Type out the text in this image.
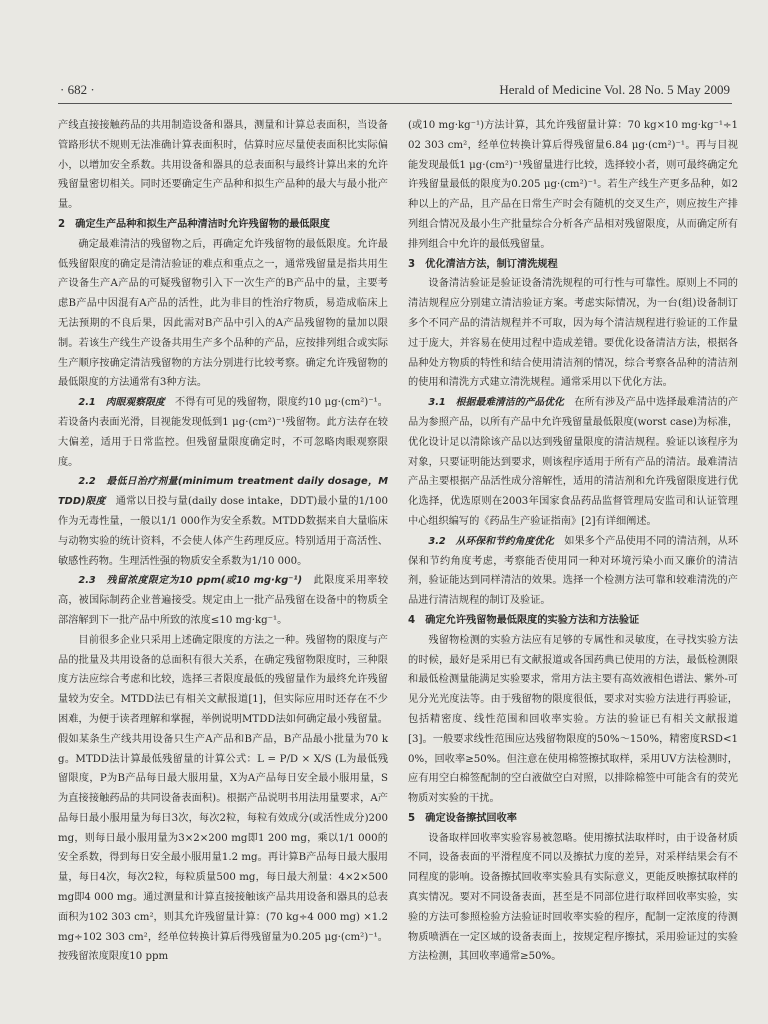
· 682 ·	Herald of Medicine Vol. 28 No. 5 May 2009

产线直接接触药品的共用制造设备和器具，测量和计算总表面积，当设备管路形状不规则无法准确计算表面积时，估算时应尽量使表面积比实际偏小，以增加安全系数。共用设备和器具的总表面积与最终计算出来的允许残留量密切相关。同时还要确定生产品种和拟生产品种的最大与最小批产量。

2　确定生产品种和拟生产品种清洁时允许残留物的最低限度

确定最难清洁的残留物之后，再确定允许残留物的最低限度。允许最低残留限度的确定是清洁验证的难点和重点之一，通常残留量是指共用生产设备生产A产品的可疑残留物引入下一次生产的B产品中的量，主要考虑B产品中因混有A产品的活性，此为非目的性治疗物质，易造成临床上无法预期的不良后果，因此需对B产品中引入的A产品残留物的量加以限制。若该生产线生产设备共用生产多个品种的产品，应按排列组合或实际生产顺序按确定清洁残留物的方法分别进行比较考察。确定允许残留物的最低限度的方法通常有3种方法。

2.1　肉眼观察限度　 不得有可见的残留物，限度约10 μg·(cm²)⁻¹。若设备内表面光滑，目视能发现低到1 μg·(cm²)⁻¹残留物。此方法存在较大偏差，适用于日常监控。但残留量限度确定时，不可忽略肉眼观察限度。

2.2　最低日治疗剂量(minimum treatment daily dosage，MTDD)限度　 通常以日投与量(daily dose intake，DDT)最小量的1/100作为无毒性量，一般以1/1 000作为安全系数。MTDD数据来自大量临床与动物实验的统计资料，不会使人体产生药理反应。特别适用于高活性、敏感性药物。生理活性强的物质安全系数为1/10 000。

2.3　残留浓度限定为10 ppm(或10 mg·kg⁻¹)　 此限度采用率较高，被国际制药企业普遍接受。规定由上一批产品残留在设备中的物质全部溶解到下一批产品中所致的浓度≤10 mg·kg⁻¹。

目前很多企业只采用上述确定限度的方法之一种。残留物的限度与产品的批量及共用设备的总面积有很大关系，在确定残留物限度时，三种限度方法应综合考虑和比较，选择三者限度最低的残留量作为最终允许残留量较为安全。MTDD法已有相关文献报道[1]，但实际应用时还存在不少困难，为便于读者理解和掌握，举例说明MTDD法如何确定最小残留量。假如某条生产线共用设备只生产A产品和B产品，B产品最小批量为70 kg。MTDD法计算最低残留量的计算公式：L = P/D × X/S (L为最低残留限度，P为B产品每日最大服用量，X为A产品每日安全最小服用量，S为直接接触药品的共同设备表面积)。根据产品说明书用法用量要求，A产品每日最小服用量为每日3次，每次2粒，每粒有效成分(或活性成分)200 mg，则每日最小服用量为3×2×200 mg即1 200 mg，乘以1/1 000的安全系数，得到每日安全最小服用量1.2 mg。再计算B产品每日最大服用量，每日4次，每次2粒，每粒质量500 mg，每日最大剂量：4×2×500 mg即4 000 mg。通过测量和计算直接接触该产品共用设备和器具的总表面积为102 303 cm²，则其允许残留量计算：(70 kg÷4 000 mg) ×1.2 mg÷102 303 cm²，经单位转换计算后得残留量为0.205 μg·(cm²)⁻¹。按残留浓度限度10 ppm

(或10 mg·kg⁻¹)方法计算，其允许残留量计算：70 kg×10 mg·kg⁻¹÷102 303 cm²，经单位转换计算后得残留量6.84 μg·(cm²)⁻¹。再与目视能发现最低1 μg·(cm²)⁻¹残留量进行比较，选择较小者，则可最终确定允许残留量最低的限度为0.205 μg·(cm²)⁻¹。若生产线生产更多品种，如2种以上的产品，且产品在日常生产时会有随机的交叉生产，则应按生产排列组合情况及最小生产批量综合分析各产品相对残留限度，从而确定所有排列组合中允许的最低残留量。

3　优化清洁方法，制订清洗规程

设备清洁验证是验证设备清洗规程的可行性与可靠性。原则上不同的清洁规程应分别建立清洁验证方案。考虑实际情况，为一台(组)设备制订多个不同产品的清洁规程并不可取，因为每个清洁规程进行验证的工作量过于庞大，并容易在使用过程中造成差错。要优化设备清洁方法，根据各品种处方物质的特性和结合使用清洁剂的情况，综合考察各品种的清洁剂的使用和清洗方式建立清洗规程。通常采用以下优化方法。

3.1　根据最难清洁的产品优化　 在所有涉及产品中选择最难清洁的产品为参照产品，以所有产品中允许残留量最低限度(worst case)为标准，优化设计足以清除该产品以达到残留量限度的清洁规程。验证以该程序为对象，只要证明能达到要求，则该程序适用于所有产品的清洁。最难清洁产品主要根据产品活性成分溶解性，适用的清洁剂和允许残留限度进行优化选择，优选原则在2003年国家食品药品监督管理局安监司和认证管理中心组织编写的《药品生产验证指南》[2]有详细阐述。

3.2　从环保和节约角度优化　 如果多个产品使用不同的清洁剂，从环保和节约角度考虑，考察能否使用同一种对环境污染小而又廉价的清洁剂，验证能达到同样清洁的效果。选择一个检测方法可靠和较难清洗的产品进行清洁规程的制订及验证。

4　确定允许残留物最低限度的实验方法和方法验证

残留物检测的实验方法应有足够的专属性和灵敏度，在寻找实验方法的时候，最好是采用已有文献报道或各国药典已使用的方法，最低检测限和最低检测量能满足实验要求，常用方法主要有高效液相色谱法、紫外-可见分光光度法等。由于残留物的限度很低，要求对实验方法进行再验证，包括精密度、线性范围和回收率实验。方法的验证已有相关文献报道[3]。一般要求线性范围应达残留物限度的50%～150%，精密度RSD<10%，回收率≥50%。但注意在使用棉签擦拭取样，采用UV方法检测时，应有用空白棉签配制的空白液做空白对照，以排除棉签中可能含有的荧光物质对实验的干扰。

5　确定设备擦拭回收率

设备取样回收率实验容易被忽略。使用擦拭法取样时，由于设备材质不同，设备表面的平滑程度不同以及擦拭力度的差异，对采样结果会有不同程度的影响。设备擦拭回收率实验具有实际意义，更能反映擦拭取样的真实情况。要对不同设备表面，甚至是不同部位进行取样回收率实验，实验的方法可参照检验方法验证时回收率实验的程序，配制一定浓度的待测物质喷洒在一定区域的设备表面上，按规定程序擦拭，采用验证过的实验方法检测，其回收率通常≥50%。
